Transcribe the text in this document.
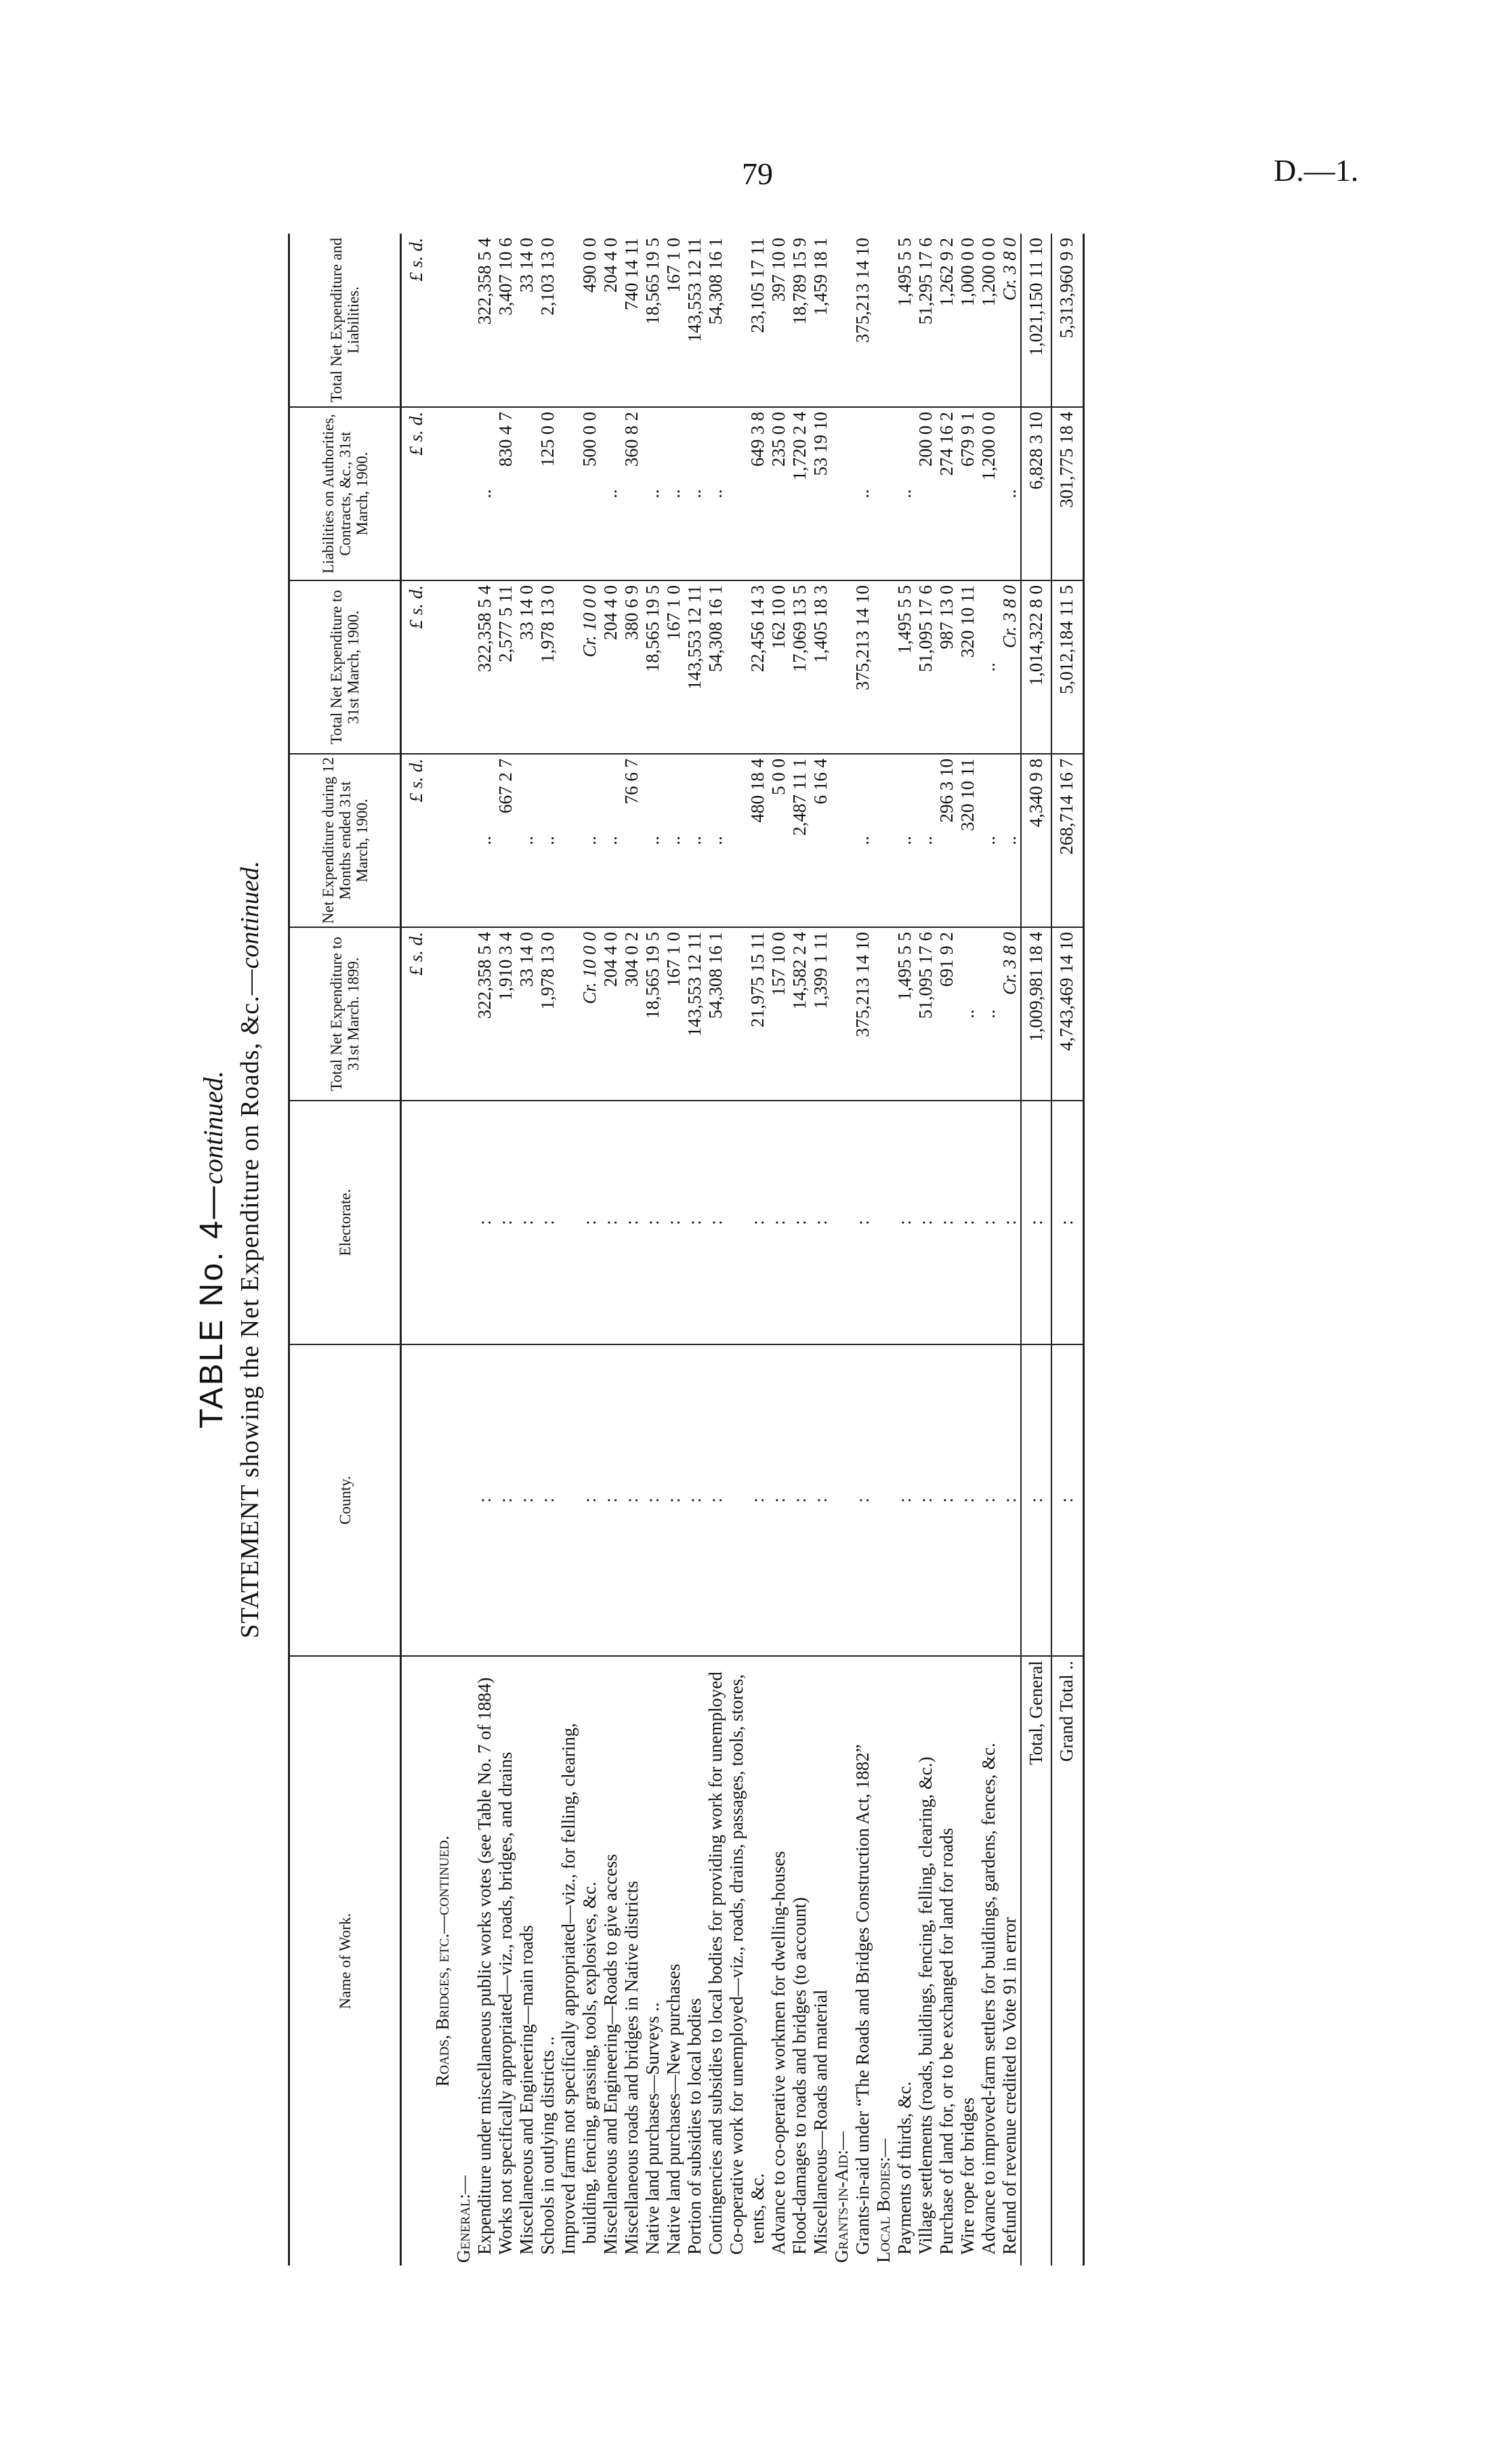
79	D.—1.
TABLE No. 4—continued. STATEMENT showing the Net Expenditure on Roads, &c.—continued.
Name of Work.	County.	Electorate.	Total Net Expenditure to 31st March. 1899.	Net Expenditure during 12 Months ended 31st March, 1900.	Total Net Expenditure to 31st March, 1900.	Liabilities on Authorities, Contracts, &c., 31st March, 1900.	Total Net Expenditure and Liabilities.
			£ s. d.	£ s. d.	£ s. d.	£ s. d.	£ s. d.
Roads, Bridges, etc.—continued.							
General:—							
Expenditure under miscellaneous public works votes (see Table No. 7 of 1884)	:	:	322,358 5 4	..	322,358 5 4	..	322,358 5 4
Works not specifically appropriated—viz., roads, bridges, and drains	:	:	1,910 3 4	667 2 7	2,577 5 11	830 4 7	3,407 10 6
Miscellaneous and Engineering—main roads	:	:	33 14 0	..	33 14 0		33 14 0
Schools in outlying districts ..	:	:	1,978 13 0	..	1,978 13 0	125 0 0	2,103 13 0
Improved farms not specifically appropriated—viz., for felling, clearing, building, fencing, grassing, tools, explosives, &c.	:	:	Cr. 10 0 0	..	Cr. 10 0 0	500 0 0	490 0 0
Miscellaneous and Engineering—Roads to give access	:	:	204 4 0	..	204 4 0	..	204 4 0
Miscellaneous roads and bridges in Native districts	:	:	304 0 2	76 6 7	380 6 9	360 8 2	740 14 11
Native land purchases—Surveys ..	:	:	18,565 19 5	..	18,565 19 5	..	18,565 19 5
Native land purchases—New purchases	:	:	167 1 0	..	167 1 0	..	167 1 0
Portion of subsidies to local bodies	:	:	143,553 12 11	..	143,553 12 11	..	143,553 12 11
Contingencies and subsidies to local bodies for providing work for unemployed	:	:	54,308 16 1	..	54,308 16 1	..	54,308 16 1
Co-operative work for unemployed—viz., roads, drains, passages, tools, stores, tents, &c.	:	:	21,975 15 11	480 18 4	22,456 14 3	649 3 8	23,105 17 11
Advance to co-operative workmen for dwelling-houses	:	:	157 10 0	5 0 0	162 10 0	235 0 0	397 10 0
Flood-damages to roads and bridges (to account)	:	:	14,582 2 4	2,487 11 1	17,069 13 5	1,720 2 4	18,789 15 9
Miscellaneous—Roads and material	:	:	1,399 1 11	6 16 4	1,405 18 3	53 19 10	1,459 18 1
Grants-in-Aid:—							
Grants-in-aid under “The Roads and Bridges Construction Act, 1882”	:	:	375,213 14 10	..	375,213 14 10	..	375,213 14 10
Local Bodies:—							
Payments of thirds, &c.	:	:	1,495 5 5	..	1,495 5 5	..	1,495 5 5
Village settlements (roads, buildings, fencing, felling, clearing, &c.)	:	:	51,095 17 6	..	51,095 17 6	200 0 0	51,295 17 6
Purchase of land for, or to be exchanged for land for roads	:	:	691 9 2	296 3 10	987 13 0	274 16 2	1,262 9 2
Wire rope for bridges	:	:	..	320 10 11	320 10 11	679 9 1	1,000 0 0
Advance to improved-farm settlers for buildings, gardens, fences, &c.	:	:	..	..	..	1,200 0 0	1,200 0 0
Refund of revenue credited to Vote 91 in error	:	:	Cr. 3 8 0	..	Cr. 3 8 0	..	Cr. 3 8 0
Total, General	:	:	1,009,981 18 4	4,340 9 8	1,014,322 8 0	6,828 3 10	1,021,150 11 10
Grand Total ..	:	:	4,743,469 14 10	268,714 16 7	5,012,184 11 5	301,775 18 4	5,313,960 9 9
